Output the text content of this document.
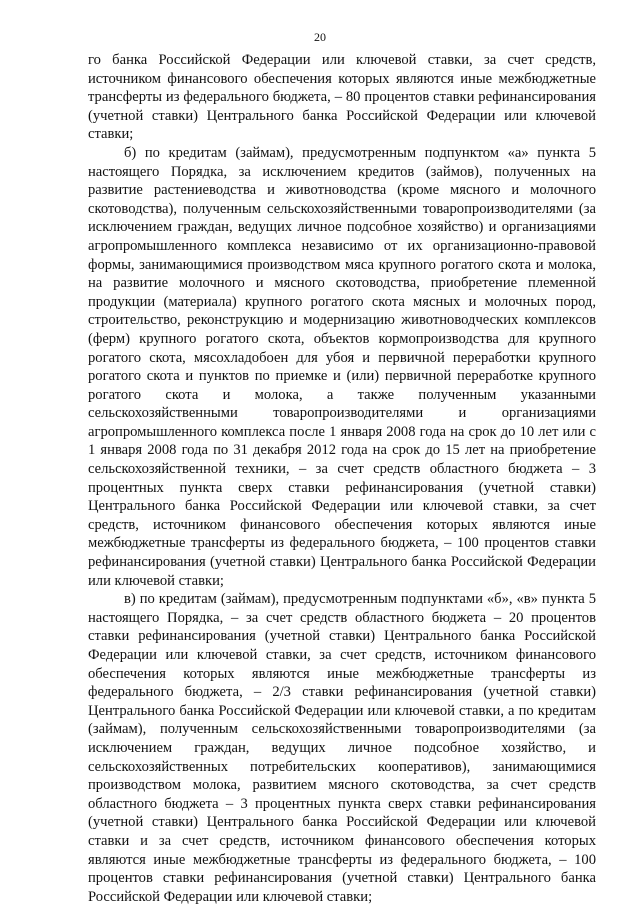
20

го банка Российской Федерации или ключевой ставки, за счет средств, источником финансового обеспечения которых являются иные межбюджетные трансферты из федерального бюджета, – 80 процентов ставки рефинансирования (учетной ставки) Центрального банка Российской Федерации или ключевой ставки;

б) по кредитам (займам), предусмотренным подпунктом «а» пункта 5 настоящего Порядка, за исключением кредитов (займов), полученных на развитие растениеводства и животноводства (кроме мясного и молочного скотоводства), полученным сельскохозяйственными товаропроизводителями (за исключением граждан, ведущих личное подсобное хозяйство) и организациями агропромышленного комплекса независимо от их организационно-правовой формы, занимающимися производством мяса крупного рогатого скота и молока, на развитие молочного и мясного скотоводства, приобретение племенной продукции (материала) крупного рогатого скота мясных и молочных пород, строительство, реконструкцию и модернизацию животноводческих комплексов (ферм) крупного рогатого скота, объектов кормопроизводства для крупного рогатого скота, мясохладобоен для убоя и первичной переработки крупного рогатого скота и пунктов по приемке и (или) первичной переработке крупного рогатого скота и молока, а также полученным указанными сельскохозяйственными товаропроизводителями и организациями агропромышленного комплекса после 1 января 2008 года на срок до 10 лет или с 1 января 2008 года по 31 декабря 2012 года на срок до 15 лет на приобретение сельскохозяйственной техники, – за счет средств областного бюджета – 3 процентных пункта сверх ставки рефинансирования (учетной ставки) Центрального банка Российской Федерации или ключевой ставки, за счет средств, источником финансового обеспечения которых являются иные межбюджетные трансферты из федерального бюджета, – 100 процентов ставки рефинансирования (учетной ставки) Центрального банка Российской Федерации или ключевой ставки;

в) по кредитам (займам), предусмотренным подпунктами «б», «в» пункта 5 настоящего Порядка, – за счет средств областного бюджета – 20 процентов ставки рефинансирования (учетной ставки) Центрального банка Российской Федерации или ключевой ставки, за счет средств, источником финансового обеспечения которых являются иные межбюджетные трансферты из федерального бюджета, – 2/3 ставки рефинансирования (учетной ставки) Центрального банка Российской Федерации или ключевой ставки, а по кредитам (займам), полученным сельскохозяйственными товаропроизводителями (за исключением граждан, ведущих личное подсобное хозяйство, и сельскохозяйственных потребительских кооперативов), занимающимися производством молока, развитием мясного скотоводства, за счет средств областного бюджета – 3 процентных пункта сверх ставки рефинансирования (учетной ставки) Центрального банка Российской Федерации или ключевой ставки и за счет средств, источником финансового обеспечения которых являются иные межбюджетные трансферты из федерального бюджета, – 100 процентов ставки рефинансирования (учетной ставки) Центрального банка Российской Федерации или ключевой ставки;
